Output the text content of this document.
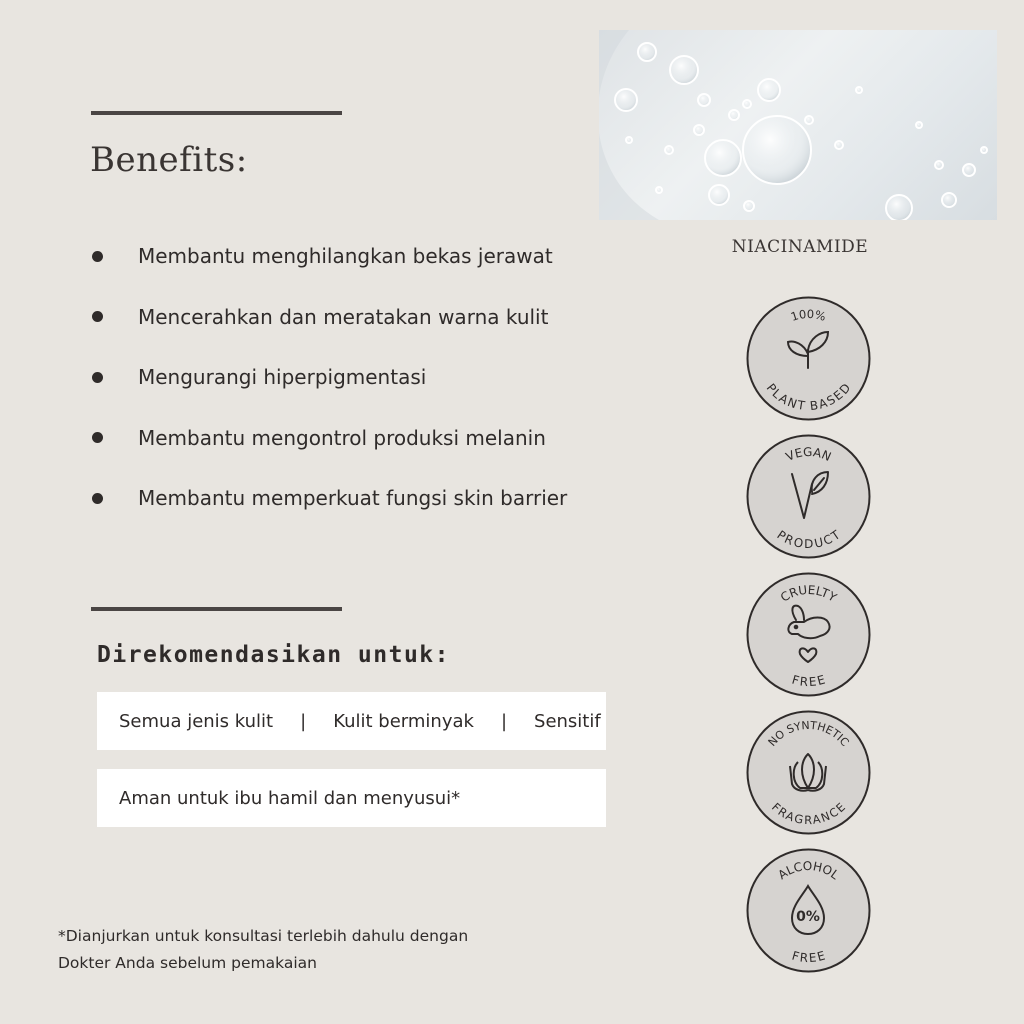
Benefits:
Membantu menghilangkan bekas jerawat
Mencerahkan dan meratakan warna kulit
Mengurangi hiperpigmentasi
Membantu mengontrol produksi melanin
Membantu memperkuat fungsi skin barrier
Direkomendasikan untuk:
Semua jenis kulit | Kulit berminyak | Sensitif
Aman untuk ibu hamil dan menyusui*
*Dianjurkan untuk konsultasi terlebih dahulu dengan
Dokter Anda sebelum pemakaian
NIACINAMIDE
100%
PLANT BASED
VEGAN
PRODUCT
CRUELTY
FREE
NO SYNTHETIC
FRAGRANCE
ALCOHOL
FREE
0%
